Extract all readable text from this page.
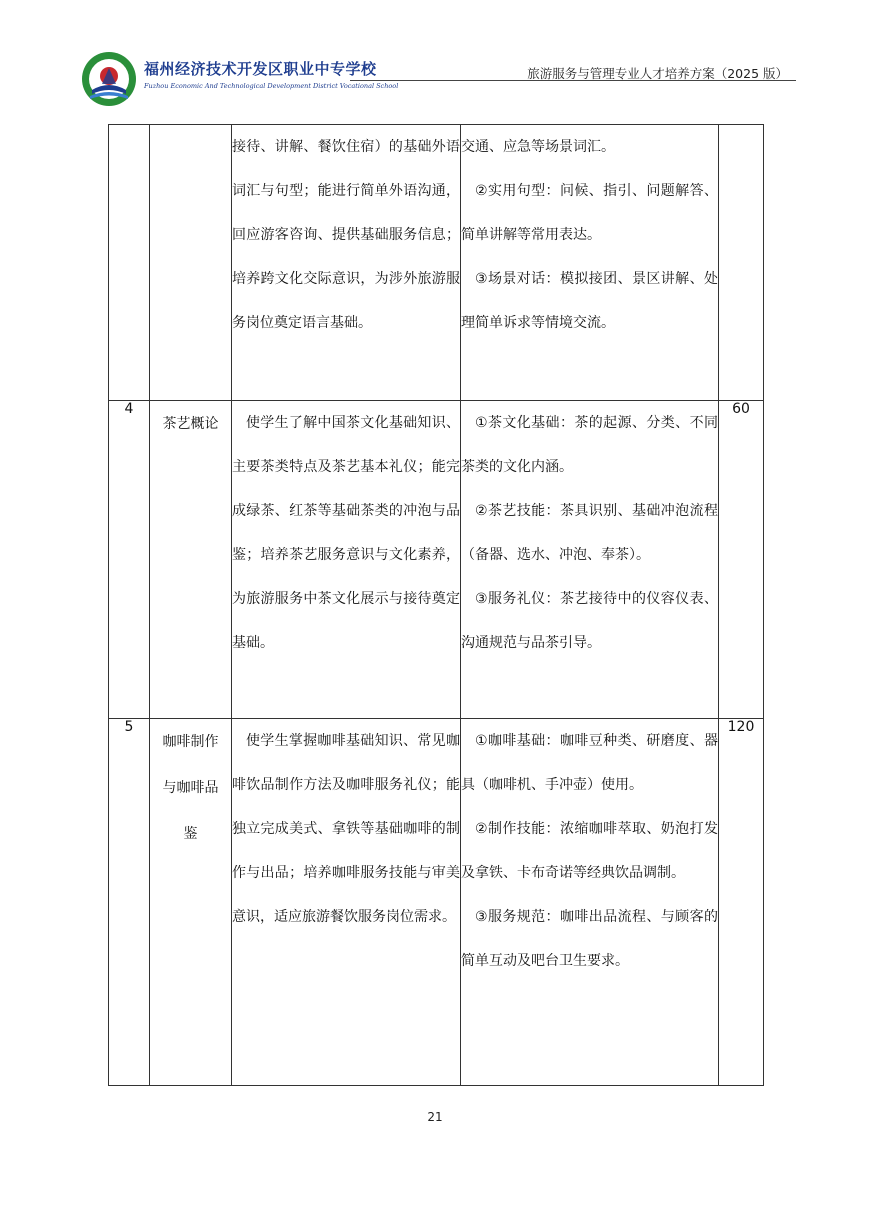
福州经济技术开发区职业中专学校
Fuzhou Economic And Technological Development District Vocational School
旅游服务与管理专业人才培养方案（2025 版）

		接待、讲解、餐饮住宿）的基础外语词汇与句型；能进行简单外语沟通，回应游客咨询、提供基础服务信息；培养跨文化交际意识，为涉外旅游服务岗位奠定语言基础。	交通、应急等场景词汇。

②实用句型：问候、指引、问题解答、简单讲解等常用表达。

③场景对话：模拟接团、景区讲解、处理简单诉求等情境交流。	

4	茶艺概论	使学生了解中国茶文化基础知识、主要茶类特点及茶艺基本礼仪；能完成绿茶、红茶等基础茶类的冲泡与品鉴；培养茶艺服务意识与文化素养，为旅游服务中茶文化展示与接待奠定基础。	①茶文化基础：茶的起源、分类、不同茶类的文化内涵。

②茶艺技能：茶具识别、基础冲泡流程（备器、选水、冲泡、奉茶）。

③服务礼仪：茶艺接待中的仪容仪表、沟通规范与品茶引导。	60
5	咖啡制作与咖啡品鉴	使学生掌握咖啡基础知识、常见咖啡饮品制作方法及咖啡服务礼仪；能独立完成美式、拿铁等基础咖啡的制作与出品；培养咖啡服务技能与审美意识，适应旅游餐饮服务岗位需求。	①咖啡基础：咖啡豆种类、研磨度、器具（咖啡机、手冲壶）使用。

②制作技能：浓缩咖啡萃取、奶泡打发及拿铁、卡布奇诺等经典饮品调制。

③服务规范：咖啡出品流程、与顾客的简单互动及吧台卫生要求。	120
21
